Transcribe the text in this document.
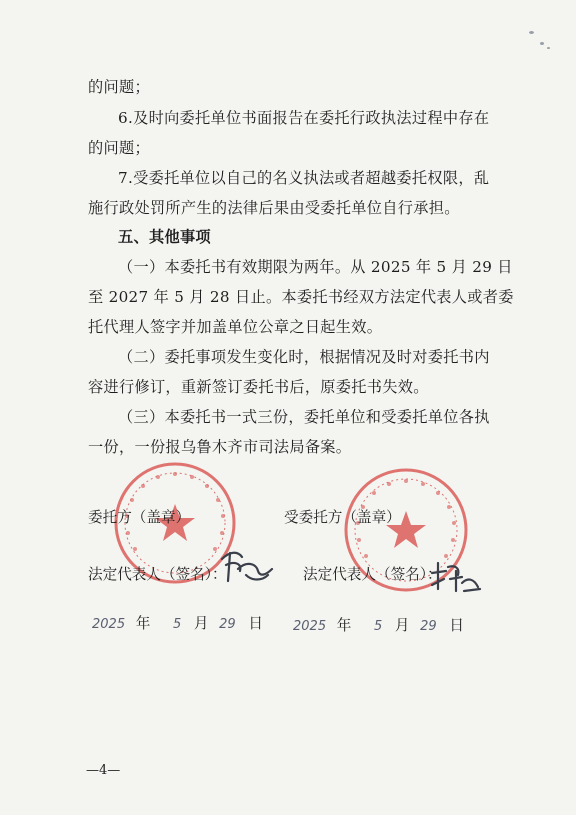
的问题；
6.及时向委托单位书面报告在委托行政执法过程中存在
的问题；
7.受委托单位以自己的名义执法或者超越委托权限，乱
施行政处罚所产生的法律后果由受委托单位自行承担。
五、其他事项
（一）本委托书有效期限为两年。从 2025 年 5 月 29 日
至 2027 年 5 月 28 日止。本委托书经双方法定代表人或者委
托代理人签字并加盖单位公章之日起生效。
（二）委托事项发生变化时，根据情况及时对委托书内
容进行修订，重新签订委托书后，原委托书失效。
（三）本委托书一式三份，委托单位和受委托单位各执
一份，一份报乌鲁木齐市司法局备案。
委托方（盖章）	受委托方（盖章）
法定代表人（签名）：	法定代表人（签名）：
2025 年 5 月 29 日 2025 年 5 月 29 日
—4—
